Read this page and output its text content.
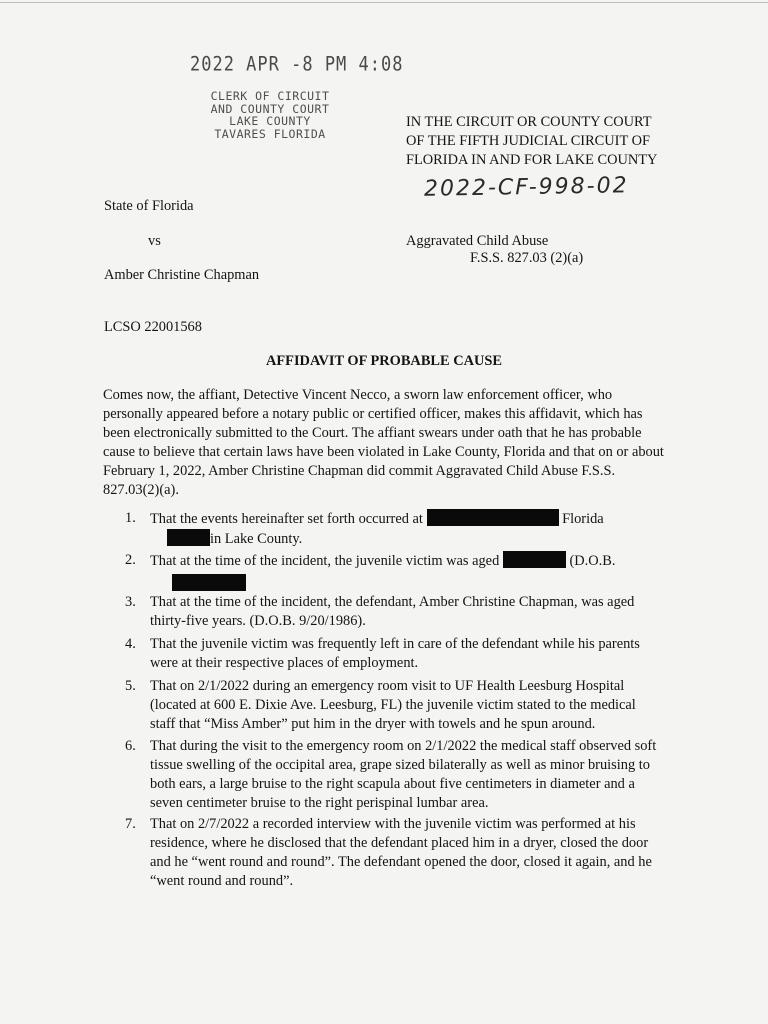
2022 APR -8 PM 4:08
CLERK OF CIRCUIT
AND COUNTY COURT
LAKE COUNTY
TAVARES FLORIDA
IN THE CIRCUIT OR COUNTY COURT
OF THE FIFTH JUDICIAL CIRCUIT OF
FLORIDA IN AND FOR LAKE COUNTY
2022-CF-998-02
State of Florida
vs
Amber Christine Chapman
Aggravated Child Abuse
F.S.S. 827.03 (2)(a)
LCSO 22001568
AFFIDAVIT OF PROBABLE CAUSE
Comes now, the affiant, Detective Vincent Necco, a sworn law enforcement officer, who personally appeared before a notary public or certified officer, makes this affidavit, which has been electronically submitted to the Court. The affiant swears under oath that he has probable cause to believe that certain laws have been violated in Lake County, Florida and that on or about February 1, 2022, Amber Christine Chapman did commit Aggravated Child Abuse F.S.S. 827.03(2)(a).
1. That the events hereinafter set forth occurred at	Florida
in Lake County.
2. That at the time of the incident, the juvenile victim was aged	(D.O.B.

3. That at the time of the incident, the defendant, Amber Christine Chapman, was aged thirty-five years. (D.O.B. 9/20/1986).
4. That the juvenile victim was frequently left in care of the defendant while his parents were at their respective places of employment.
5. That on 2/1/2022 during an emergency room visit to UF Health Leesburg Hospital (located at 600 E. Dixie Ave. Leesburg, FL) the juvenile victim stated to the medical staff that “Miss Amber” put him in the dryer with towels and he spun around.
6. That during the visit to the emergency room on 2/1/2022 the medical staff observed soft tissue swelling of the occipital area, grape sized bilaterally as well as minor bruising to both ears, a large bruise to the right scapula about five centimeters in diameter and a seven centimeter bruise to the right perispinal lumbar area.
7. That on 2/7/2022 a recorded interview with the juvenile victim was performed at his residence, where he disclosed that the defendant placed him in a dryer, closed the door and he “went round and round”. The defendant opened the door, closed it again, and he “went round and round”.
